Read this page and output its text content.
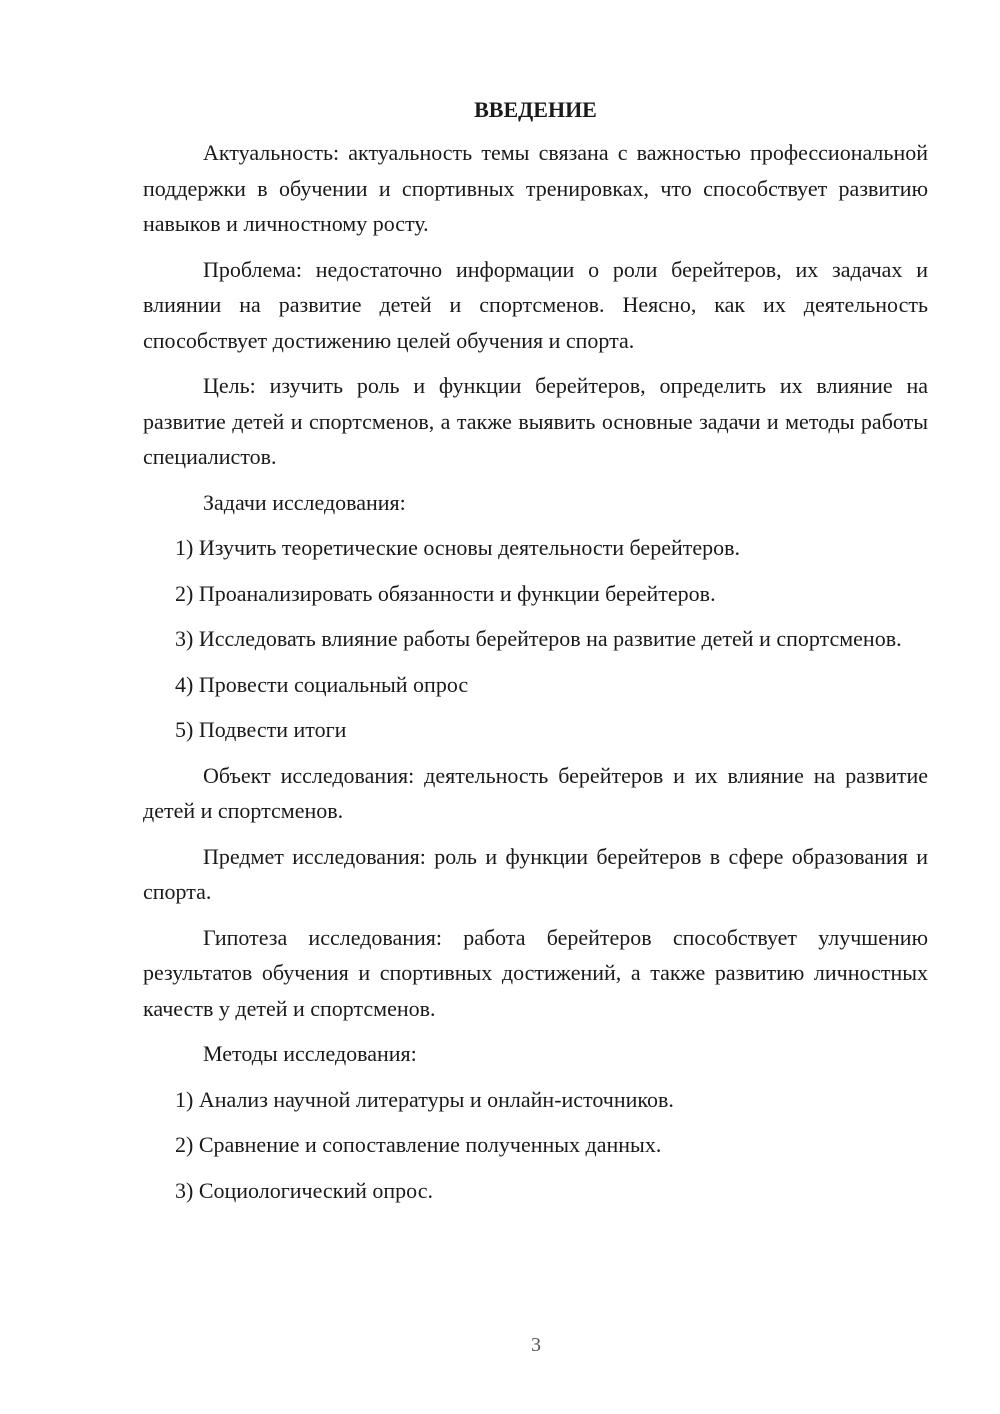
ВВЕДЕНИЕ

Актуальность: актуальность темы связана с важностью профессиональной поддержки в обучении и спортивных тренировках, что способствует развитию навыков и личностному росту.

Проблема: недостаточно информации о роли берейтеров, их задачах и влиянии на развитие детей и спортсменов. Неясно, как их деятельность способствует достижению целей обучения и спорта.

Цель: изучить роль и функции берейтеров, определить их влияние на развитие детей и спортсменов, а также выявить основные задачи и методы работы специалистов.

Задачи исследования:

1) Изучить теоретические основы деятельности берейтеров.

2) Проанализировать обязанности и функции берейтеров.

3) Исследовать влияние работы берейтеров на развитие детей и спортсменов.

4) Провести социальный опрос

5) Подвести итоги

Объект исследования: деятельность берейтеров и их влияние на развитие детей и спортсменов.

Предмет исследования: роль и функции берейтеров в сфере образования и спорта.

Гипотеза исследования: работа берейтеров способствует улучшению результатов обучения и спортивных достижений, а также развитию личностных качеств у детей и спортсменов.

Методы исследования:

1) Анализ научной литературы и онлайн-источников.

2) Сравнение и сопоставление полученных данных.

3) Социологический опрос.

3
